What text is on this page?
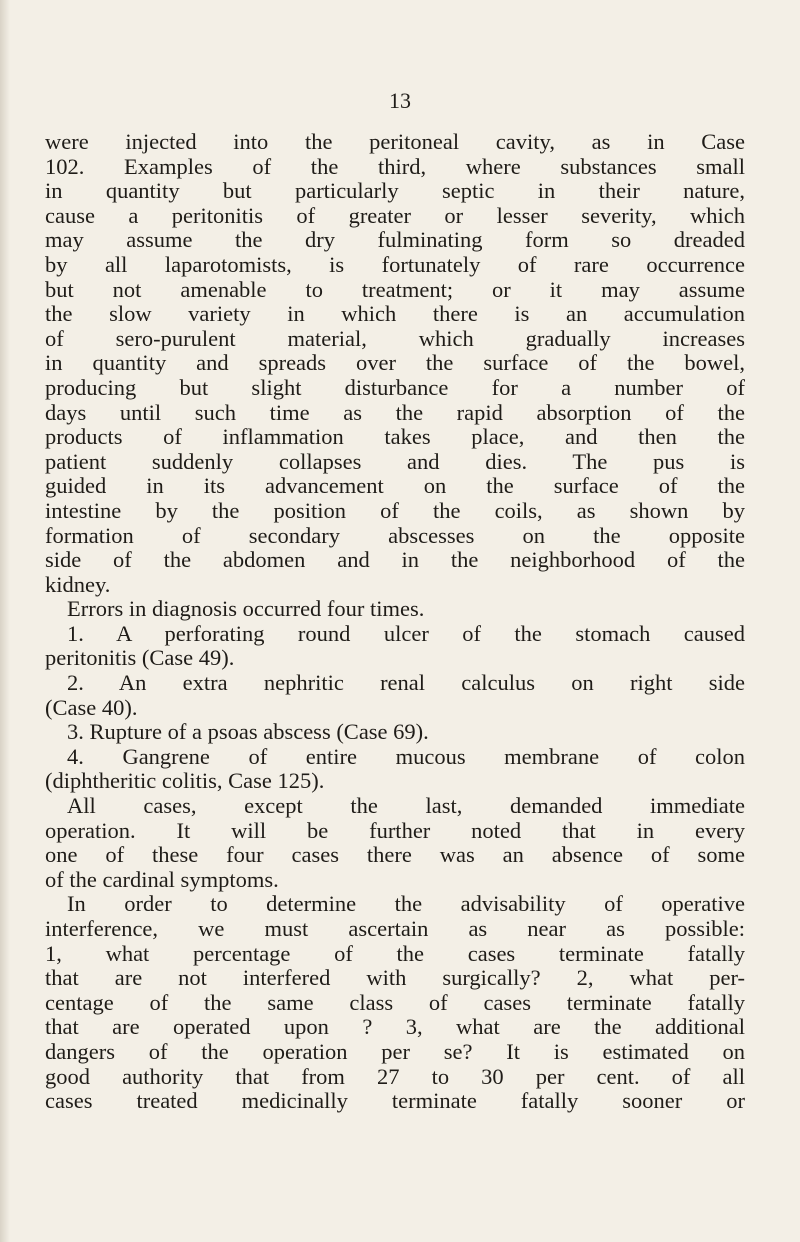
13
were injected into the peritoneal cavity, as in Case
102. Examples of the third, where substances small
in quantity but particularly septic in their nature,
cause a peritonitis of greater or lesser severity, which
may assume the dry fulminating form so dreaded
by all laparotomists, is fortunately of rare occurrence
but not amenable to treatment; or it may assume
the slow variety in which there is an accumulation
of sero-purulent material, which gradually increases
in quantity and spreads over the surface of the bowel,
producing but slight disturbance for a number of
days until such time as the rapid absorption of the
products of inflammation takes place, and then the
patient suddenly collapses and dies. The pus is
guided in its advancement on the surface of the
intestine by the position of the coils, as shown by
formation of secondary abscesses on the opposite
side of the abdomen and in the neighborhood of the
kidney.
Errors in diagnosis occurred four times.
1. A perforating round ulcer of the stomach caused
peritonitis (Case 49).
2. An extra nephritic renal calculus on right side
(Case 40).
3. Rupture of a psoas abscess (Case 69).
4. Gangrene of entire mucous membrane of colon
(diphtheritic colitis, Case 125).
All cases, except the last, demanded immediate
operation. It will be further noted that in every
one of these four cases there was an absence of some
of the cardinal symptoms.
In order to determine the advisability of operative
interference, we must ascertain as near as possible:
1, what percentage of the cases terminate fatally
that are not interfered with surgically? 2, what per-
centage of the same class of cases terminate fatally
that are operated upon ? 3, what are the additional
dangers of the operation per se? It is estimated on
good authority that from 27 to 30 per cent. of all
cases treated medicinally terminate fatally sooner or
